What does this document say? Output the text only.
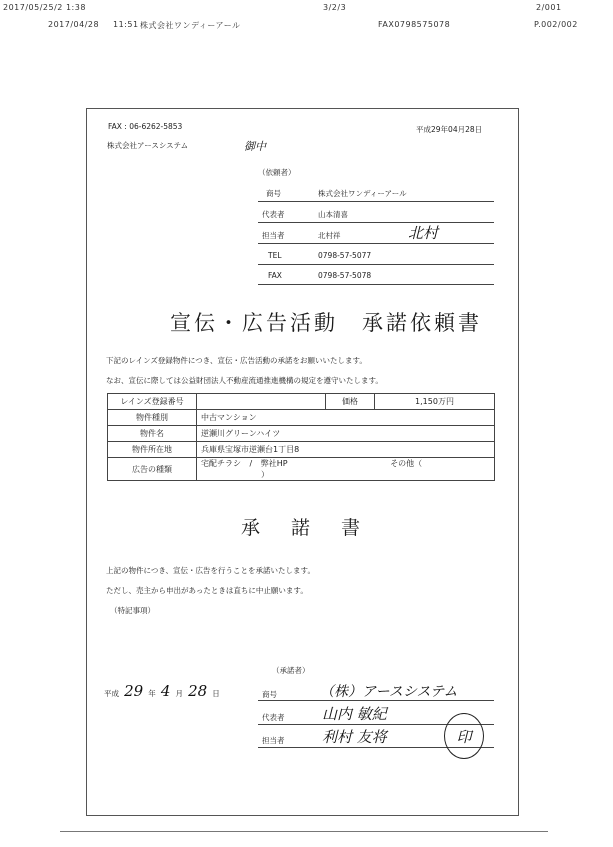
2017/05/25/2 1:38	3/2/3	2/001
2017/04/28 11:51 株式会社ワンディーアール	FAX0798575078	P.002/002
FAX : 06-6262-5853
株式会社アースシステム	御中
平成29年04月28日
（依頼者）
商号	株式会社ワンディーアール
代表者	山本清喜
担当者	北村祥	北村
TEL	0798-57-5077
FAX	0798-57-5078
宣伝・広告活動　承諾依頼書
下記のレインズ登録物件につき、宣伝・広告活動の承諾をお願いいたします。
なお、宣伝に際しては公益財団法人不動産流通推進機構の規定を遵守いたします。
レインズ登録番号		価格	1,150万円
物件種別	中古マンション		
物件名	逆瀬川グリーンハイツ		
物件所在地	兵庫県宝塚市逆瀬台1丁目8		
広告の種類	宅配チラシ / 弊社HP その他（ ）		
承　諾　書
上記の物件につき、宣伝・広告を行うことを承諾いたします。
ただし、売主から申出があったときは直ちに中止願います。
（特記事項）
平成 29 年 4 月 28 日
（承諾者）
商号	（株）アースシステム
代表者	山内 敏紀
担当者	利村 友将	印
